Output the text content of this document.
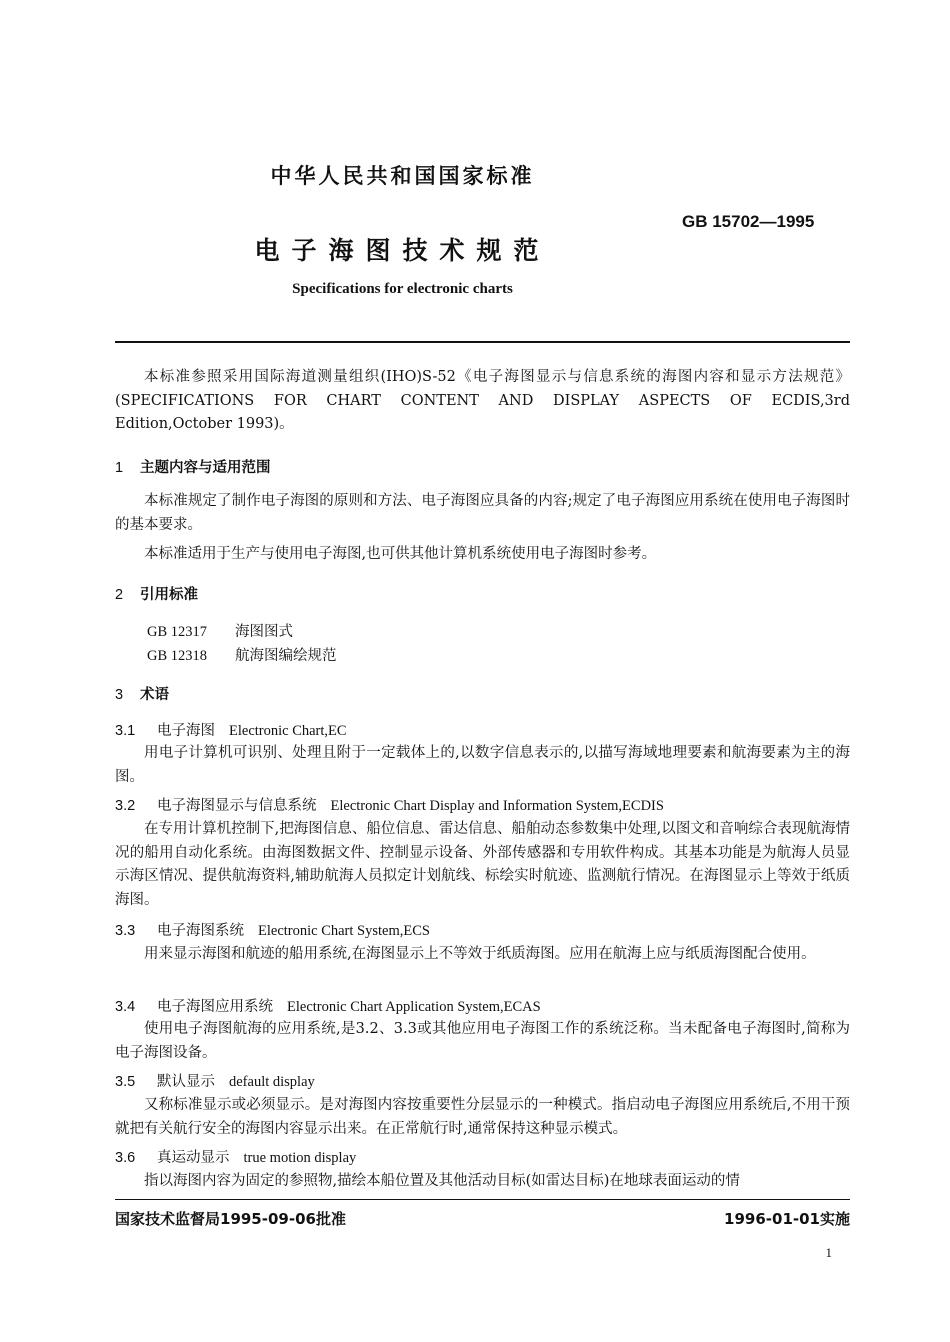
中华人民共和国国家标准
GB 15702—1995
电子海图技术规范
Specifications for electronic charts
本标准参照采用国际海道测量组织(IHO)S-52《电子海图显示与信息系统的海图内容和显示方法规范》(SPECIFICATIONS FOR CHART CONTENT AND DISPLAY ASPECTS OF ECDIS,3rd Edition,October 1993)。
1 主题内容与适用范围
本标准规定了制作电子海图的原则和方法、电子海图应具备的内容;规定了电子海图应用系统在使用电子海图时的基本要求。
本标准适用于生产与使用电子海图,也可供其他计算机系统使用电子海图时参考。
2 引用标准
GB 12317 海图图式
GB 12318 航海图编绘规范
3 术语
3.1 电子海图 Electronic Chart,EC
用电子计算机可识别、处理且附于一定载体上的,以数字信息表示的,以描写海域地理要素和航海要素为主的海图。
3.2 电子海图显示与信息系统 Electronic Chart Display and Information System,ECDIS
在专用计算机控制下,把海图信息、船位信息、雷达信息、船舶动态参数集中处理,以图文和音响综合表现航海情况的船用自动化系统。由海图数据文件、控制显示设备、外部传感器和专用软件构成。其基本功能是为航海人员显示海区情况、提供航海资料,辅助航海人员拟定计划航线、标绘实时航迹、监测航行情况。在海图显示上等效于纸质海图。
3.3 电子海图系统 Electronic Chart System,ECS
用来显示海图和航迹的船用系统,在海图显示上不等效于纸质海图。应用在航海上应与纸质海图配合使用。
3.4 电子海图应用系统 Electronic Chart Application System,ECAS
使用电子海图航海的应用系统,是3.2、3.3或其他应用电子海图工作的系统泛称。当未配备电子海图时,简称为电子海图设备。
3.5 默认显示 default display
又称标准显示或必须显示。是对海图内容按重要性分层显示的一种模式。指启动电子海图应用系统后,不用干预就把有关航行安全的海图内容显示出来。在正常航行时,通常保持这种显示模式。
3.6 真运动显示 true motion display
指以海图内容为固定的参照物,描绘本船位置及其他活动目标(如雷达目标)在地球表面运动的情
国家技术监督局1995-09-06批准	1996-01-01实施
1
